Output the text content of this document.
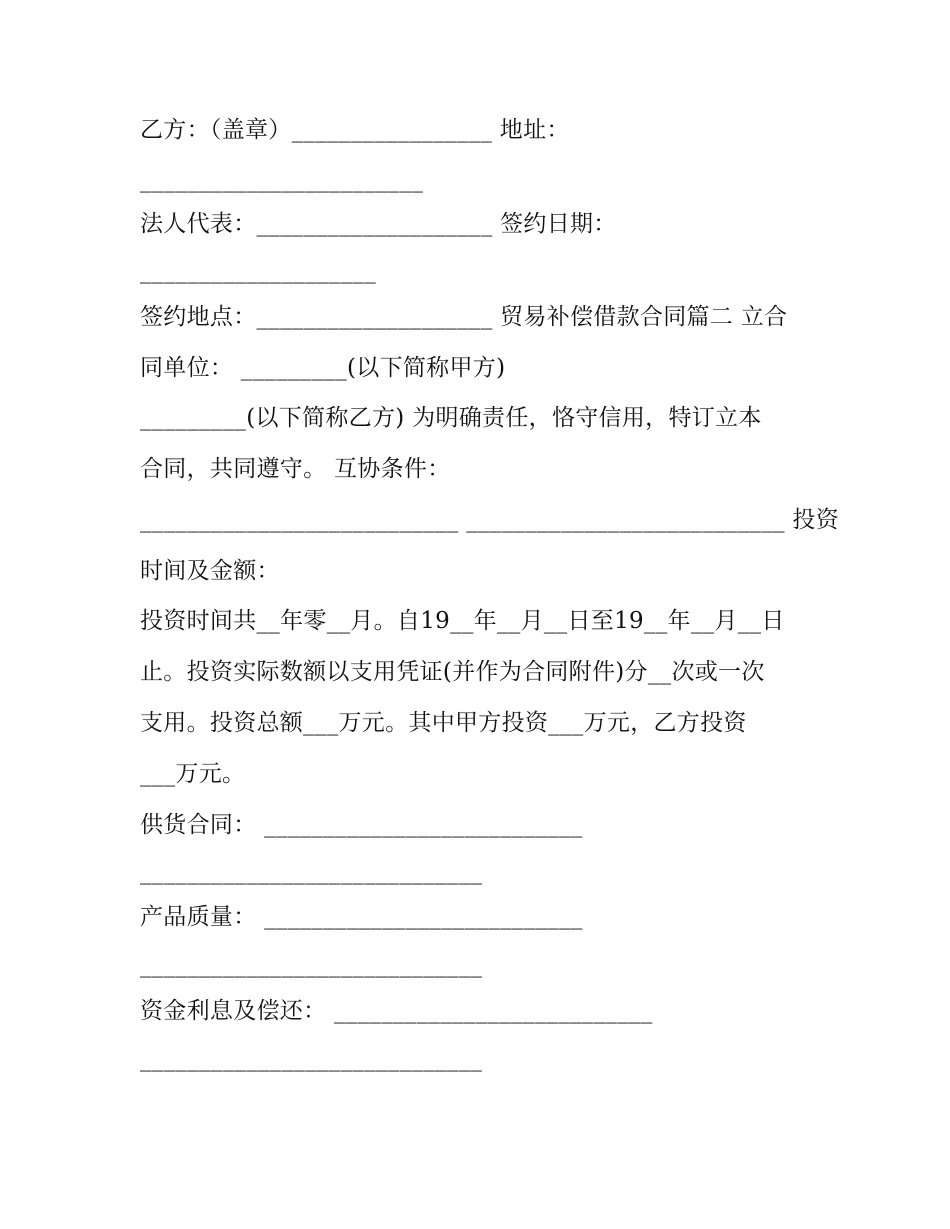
乙方：（盖章）_________________ 地址：
________________________
法人代表：____________________ 签约日期：
____________________
签约地点：____________________ 贸易补偿借款合同篇二 立合
同单位： _________(以下简称甲方)
_________(以下简称乙方) 为明确责任，恪守信用，特订立本
合同，共同遵守。 互协条件：
___________________________ ___________________________ 投资
时间及金额：
投资时间共__年零__月。自19__年__月__日至19__年__月__日
止。投资实际数额以支用凭证(并作为合同附件)分__次或一次
支用。投资总额___万元。其中甲方投资___万元，乙方投资
___万元。
供货合同： ___________________________
_____________________________
产品质量： ___________________________
_____________________________
资金利息及偿还： ___________________________
_____________________________
